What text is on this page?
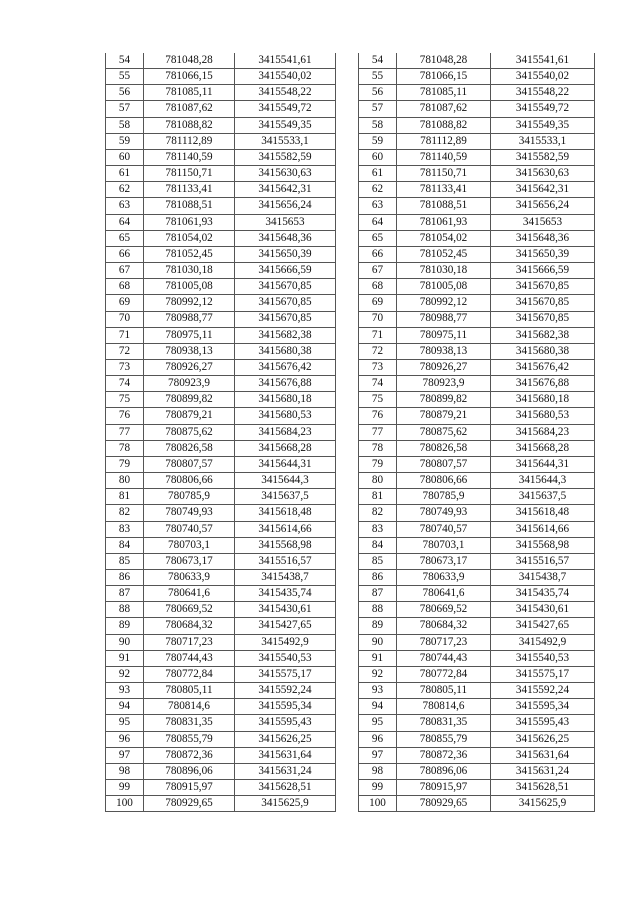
54	781048,28	3415541,61
55	781066,15	3415540,02
56	781085,11	3415548,22
57	781087,62	3415549,72
58	781088,82	3415549,35
59	781112,89	3415533,1
60	781140,59	3415582,59
61	781150,71	3415630,63
62	781133,41	3415642,31
63	781088,51	3415656,24
64	781061,93	3415653
65	781054,02	3415648,36
66	781052,45	3415650,39
67	781030,18	3415666,59
68	781005,08	3415670,85
69	780992,12	3415670,85
70	780988,77	3415670,85
71	780975,11	3415682,38
72	780938,13	3415680,38
73	780926,27	3415676,42
74	780923,9	3415676,88
75	780899,82	3415680,18
76	780879,21	3415680,53
77	780875,62	3415684,23
78	780826,58	3415668,28
79	780807,57	3415644,31
80	780806,66	3415644,3
81	780785,9	3415637,5
82	780749,93	3415618,48
83	780740,57	3415614,66
84	780703,1	3415568,98
85	780673,17	3415516,57
86	780633,9	3415438,7
87	780641,6	3415435,74
88	780669,52	3415430,61
89	780684,32	3415427,65
90	780717,23	3415492,9
91	780744,43	3415540,53
92	780772,84	3415575,17
93	780805,11	3415592,24
94	780814,6	3415595,34
95	780831,35	3415595,43
96	780855,79	3415626,25
97	780872,36	3415631,64
98	780896,06	3415631,24
99	780915,97	3415628,51
100	780929,65	3415625,9
54	781048,28	3415541,61
55	781066,15	3415540,02
56	781085,11	3415548,22
57	781087,62	3415549,72
58	781088,82	3415549,35
59	781112,89	3415533,1
60	781140,59	3415582,59
61	781150,71	3415630,63
62	781133,41	3415642,31
63	781088,51	3415656,24
64	781061,93	3415653
65	781054,02	3415648,36
66	781052,45	3415650,39
67	781030,18	3415666,59
68	781005,08	3415670,85
69	780992,12	3415670,85
70	780988,77	3415670,85
71	780975,11	3415682,38
72	780938,13	3415680,38
73	780926,27	3415676,42
74	780923,9	3415676,88
75	780899,82	3415680,18
76	780879,21	3415680,53
77	780875,62	3415684,23
78	780826,58	3415668,28
79	780807,57	3415644,31
80	780806,66	3415644,3
81	780785,9	3415637,5
82	780749,93	3415618,48
83	780740,57	3415614,66
84	780703,1	3415568,98
85	780673,17	3415516,57
86	780633,9	3415438,7
87	780641,6	3415435,74
88	780669,52	3415430,61
89	780684,32	3415427,65
90	780717,23	3415492,9
91	780744,43	3415540,53
92	780772,84	3415575,17
93	780805,11	3415592,24
94	780814,6	3415595,34
95	780831,35	3415595,43
96	780855,79	3415626,25
97	780872,36	3415631,64
98	780896,06	3415631,24
99	780915,97	3415628,51
100	780929,65	3415625,9
